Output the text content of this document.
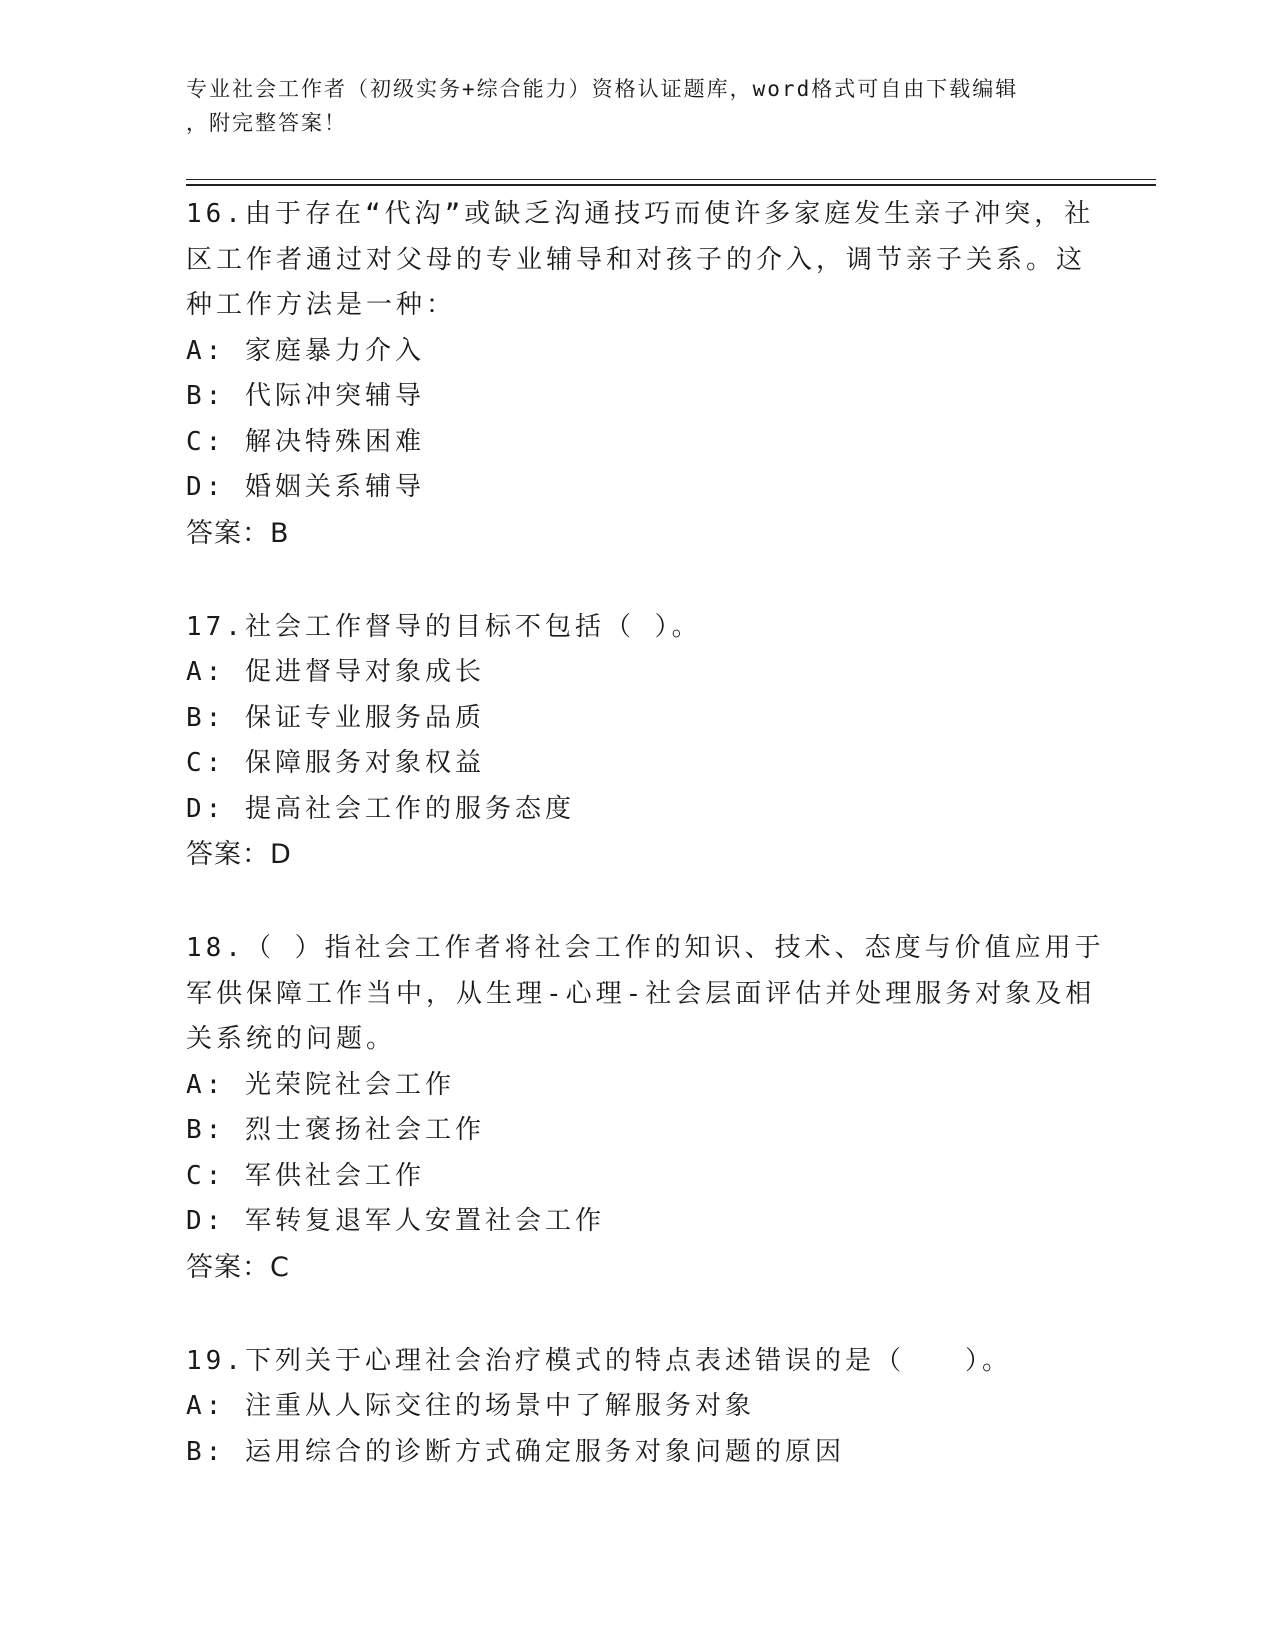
专业社会工作者（初级实务+综合能力）资格认证题库，word格式可自由下载编辑
，附完整答案！
16.由于存在“代沟”或缺乏沟通技巧而使许多家庭发生亲子冲突，社
区工作者通过对父母的专业辅导和对孩子的介入，调节亲子关系。这
种工作方法是一种：
A: 家庭暴力介入
B: 代际冲突辅导
C: 解决特殊困难
D: 婚姻关系辅导
答案：B
17.社会工作督导的目标不包括（ ）。
A: 促进督导对象成长
B: 保证专业服务品质
C: 保障服务对象权益
D: 提高社会工作的服务态度
答案：D
18.（ ）指社会工作者将社会工作的知识、技术、态度与价值应用于
军供保障工作当中，从生理-心理-社会层面评估并处理服务对象及相
关系统的问题。
A: 光荣院社会工作
B: 烈士褒扬社会工作
C: 军供社会工作
D: 军转复退军人安置社会工作
答案：C
19.下列关于心理社会治疗模式的特点表述错误的是（　　）。
A: 注重从人际交往的场景中了解服务对象
B: 运用综合的诊断方式确定服务对象问题的原因
